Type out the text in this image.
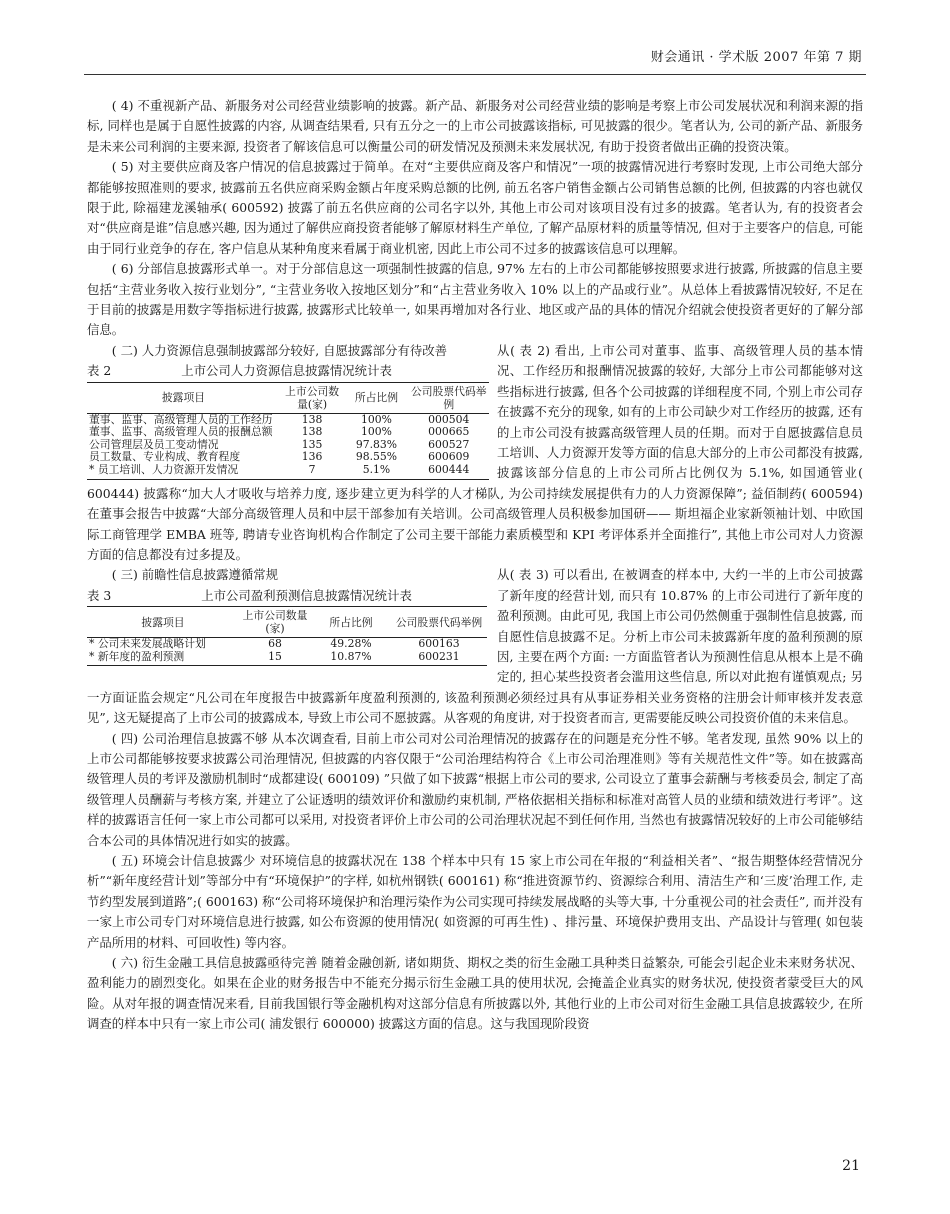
财会通讯 · 学术版 2007 年第 7 期

( 4) 不重视新产品、新服务对公司经营业绩影响的披露。新产品、新服务对公司经营业绩的影响是考察上市公司发展状况和利润来源的指标, 同样也是属于自愿性披露的内容, 从调查结果看, 只有五分之一的上市公司披露该指标, 可见披露的很少。笔者认为, 公司的新产品、新服务是未来公司利润的主要来源, 投资者了解该信息可以衡量公司的研发情况及预测未来发展状况, 有助于投资者做出正确的投资决策。

( 5) 对主要供应商及客户情况的信息披露过于简单。在对“主要供应商及客户和情况”一项的披露情况进行考察时发现, 上市公司绝大部分都能够按照准则的要求, 披露前五名供应商采购金额占年度采购总额的比例, 前五名客户销售金额占公司销售总额的比例, 但披露的内容也就仅限于此, 除福建龙溪轴承( 600592) 披露了前五名供应商的公司名字以外, 其他上市公司对该项目没有过多的披露。笔者认为, 有的投资者会对“供应商是谁”信息感兴趣, 因为通过了解供应商投资者能够了解原材料生产单位, 了解产品原材料的质量等情况, 但对于主要客户的信息, 可能由于同行业竞争的存在, 客户信息从某种角度来看属于商业机密, 因此上市公司不过多的披露该信息可以理解。

( 6) 分部信息披露形式单一。对于分部信息这一项强制性披露的信息, 97% 左右的上市公司都能够按照要求进行披露, 所披露的信息主要包括“主营业务收入按行业划分”, “主营业务收入按地区划分”和“占主营业务收入 10% 以上的产品或行业”。从总体上看披露情况较好, 不足在于目前的披露是用数字等指标进行披露, 披露形式比较单一, 如果再增加对各行业、地区或产品的具体的情况介绍就会使投资者更好的了解分部信息。

( 二) 人力资源信息强制披露部分较好, 自愿披露部分有待改善
表 2	上市公司人力资源信息披露情况统计表
披露项目	上市公司数量(家)	所占比例	公司股票代码举例
董事、监事、高级管理人员的工作经历	138	100%	000504
董事、监事、高级管理人员的报酬总额	138	100%	000665
公司管理层及员工变动情况	135	97.83%	600527
员工数量、专业构成、教育程度	136	98.55%	600609
* 员工培训、人力资源开发情况	7	5.1%	600444

从( 表 2) 看出, 上市公司对董事、监事、高级管理人员的基本情况、工作经历和报酬情况披露的较好, 大部分上市公司都能够对这些指标进行披露, 但各个公司披露的详细程度不同, 个别上市公司存在披露不充分的现象, 如有的上市公司缺少对工作经历的披露, 还有的上市公司没有披露高级管理人员的任期。而对于自愿披露信息员工培训、人力资源开发等方面的信息大部分的上市公司都没有披露, 披露该部分信息的上市公司所占比例仅为 5.1%, 如国通管业( 600444) 披露称“加大人才吸收与培养力度, 逐步建立更为科学的人才梯队, 为公司持续发展提供有力的人力资源保障”; 益佰制药( 600594) 在董事会报告中披露“大部分高级管理人员和中层干部参加有关培训。公司高级管理人员积极参加国研—— 斯坦福企业家新领袖计划、中欧国际工商管理学 EMBA 班等, 聘请专业咨询机构合作制定了公司主要干部能力素质模型和 KPI 考评体系并全面推行”, 其他上市公司对人力资源方面的信息都没有过多提及。

( 三) 前瞻性信息披露遵循常规
表 3	上市公司盈利预测信息披露情况统计表
披露项目	上市公司数量(家)	所占比例	公司股票代码举例
* 公司未来发展战略计划	68	49.28%	600163
* 新年度的盈利预测	15	10.87%	600231

从( 表 3) 可以看出, 在被调查的样本中, 大约一半的上市公司披露了新年度的经营计划, 而只有 10.87% 的上市公司进行了新年度的盈利预测。由此可见, 我国上市公司仍然侧重于强制性信息披露, 而自愿性信息披露不足。分析上市公司未披露新年度的盈利预测的原因, 主要在两个方面: 一方面监管者认为预测性信息从根本上是不确定的, 担心某些投资者会滥用这些信息, 所以对此抱有谨慎观点; 另一方面证监会规定“凡公司在年度报告中披露新年度盈利预测的, 该盈利预测必须经过具有从事证券相关业务资格的注册会计师审核并发表意见”, 这无疑提高了上市公司的披露成本, 导致上市公司不愿披露。从客观的角度讲, 对于投资者而言, 更需要能反映公司投资价值的未来信息。

( 四) 公司治理信息披露不够 从本次调查看, 目前上市公司对公司治理情况的披露存在的问题是充分性不够。笔者发现, 虽然 90% 以上的上市公司都能够按要求披露公司治理情况, 但披露的内容仅限于“公司治理结构符合《上市公司治理准则》等有关规范性文件”等。如在披露高级管理人员的考评及激励机制时“成都建设( 600109) ”只做了如下披露“根据上市公司的要求, 公司设立了董事会薪酬与考核委员会, 制定了高级管理人员酬薪与考核方案, 并建立了公证透明的绩效评价和激励约束机制, 严格依据相关指标和标准对高管人员的业绩和绩效进行考评”。这样的披露语言任何一家上市公司都可以采用, 对投资者评价上市公司的公司治理状况起不到任何作用, 当然也有披露情况较好的上市公司能够结合本公司的具体情况进行如实的披露。

( 五) 环境会计信息披露少 对环境信息的披露状况在 138 个样本中只有 15 家上市公司在年报的“利益相关者”、“报告期整体经营情况分析”“新年度经营计划”等部分中有“环境保护”的字样, 如杭州钢铁( 600161) 称“推进资源节约、资源综合利用、清洁生产和‘三废’治理工作, 走节约型发展到道路”;( 600163) 称“公司将环境保护和治理污染作为公司实现可持续发展战略的头等大事, 十分重视公司的社会责任”, 而并没有一家上市公司专门对环境信息进行披露, 如公布资源的使用情况( 如资源的可再生性) 、排污量、环境保护费用支出、产品设计与管理( 如包装产品所用的材料、可回收性) 等内容。

( 六) 衍生金融工具信息披露亟待完善 随着金融创新, 诸如期货、期权之类的衍生金融工具种类日益繁杂, 可能会引起企业未来财务状况、盈利能力的剧烈变化。如果在企业的财务报告中不能充分揭示衍生金融工具的使用状况, 会掩盖企业真实的财务状况, 使投资者蒙受巨大的风险。从对年报的调查情况来看, 目前我国银行等金融机构对这部分信息有所披露以外, 其他行业的上市公司对衍生金融工具信息披露较少, 在所调查的样本中只有一家上市公司( 浦发银行 600000) 披露这方面的信息。这与我国现阶段资

21
